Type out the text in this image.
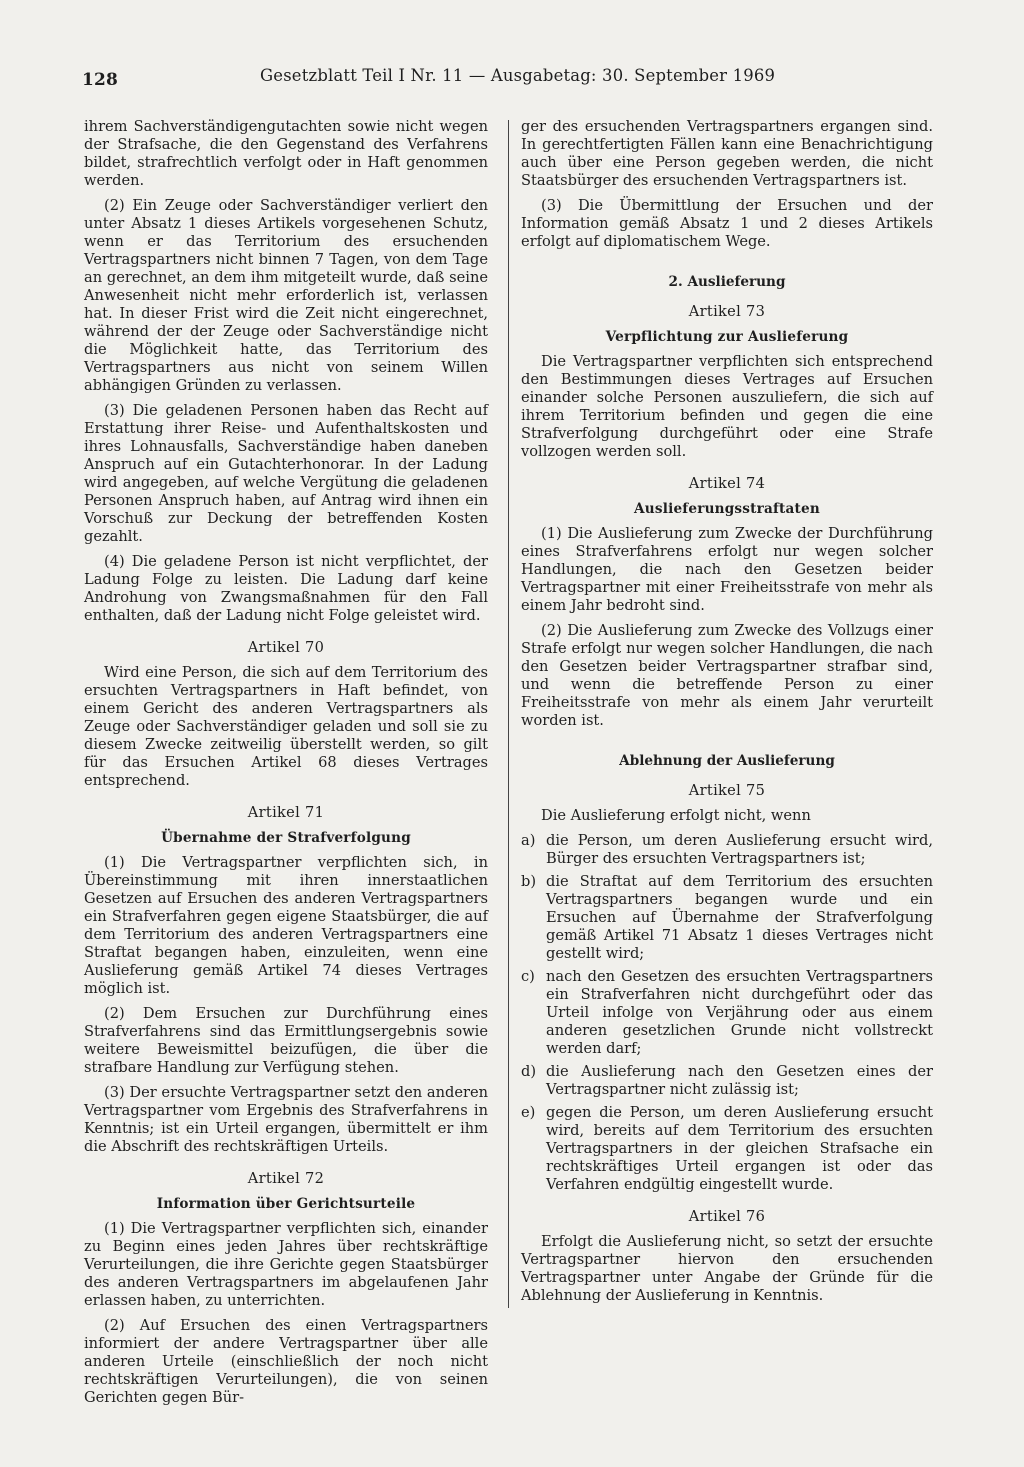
128	Gesetzblatt Teil I Nr. 11 — Ausgabetag: 30. September 1969

ihrem Sachverständigengutachten sowie nicht wegen der Strafsache, die den Gegenstand des Verfahrens bildet, strafrechtlich verfolgt oder in Haft genommen werden.

(2) Ein Zeuge oder Sachverständiger verliert den unter Absatz 1 dieses Artikels vorgesehenen Schutz, wenn er das Territorium des ersuchenden Vertragspartners nicht binnen 7 Tagen, von dem Tage an gerechnet, an dem ihm mitgeteilt wurde, daß seine Anwesenheit nicht mehr erforderlich ist, verlassen hat. In dieser Frist wird die Zeit nicht eingerechnet, während der der Zeuge oder Sachverständige nicht die Möglichkeit hatte, das Territorium des Vertragspartners aus nicht von seinem Willen abhängigen Gründen zu verlassen.

(3) Die geladenen Personen haben das Recht auf Erstattung ihrer Reise- und Aufenthaltskosten und ihres Lohnausfalls, Sachverständige haben daneben Anspruch auf ein Gutachterhonorar. In der Ladung wird angegeben, auf welche Vergütung die geladenen Personen Anspruch haben, auf Antrag wird ihnen ein Vorschuß zur Deckung der betreffenden Kosten gezahlt.

(4) Die geladene Person ist nicht verpflichtet, der Ladung Folge zu leisten. Die Ladung darf keine Androhung von Zwangsmaßnahmen für den Fall enthalten, daß der Ladung nicht Folge geleistet wird.

Artikel 70

Wird eine Person, die sich auf dem Territorium des ersuchten Vertragspartners in Haft befindet, von einem Gericht des anderen Vertragspartners als Zeuge oder Sachverständiger geladen und soll sie zu diesem Zwecke zeitweilig überstellt werden, so gilt für das Ersuchen Artikel 68 dieses Vertrages entsprechend.

Artikel 71
Übernahme der Strafverfolgung

(1) Die Vertragspartner verpflichten sich, in Übereinstimmung mit ihren innerstaatlichen Gesetzen auf Ersuchen des anderen Vertragspartners ein Strafverfahren gegen eigene Staatsbürger, die auf dem Territorium des anderen Vertragspartners eine Straftat begangen haben, einzuleiten, wenn eine Auslieferung gemäß Artikel 74 dieses Vertrages möglich ist.

(2) Dem Ersuchen zur Durchführung eines Strafverfahrens sind das Ermittlungsergebnis sowie weitere Beweismittel beizufügen, die über die strafbare Handlung zur Verfügung stehen.

(3) Der ersuchte Vertragspartner setzt den anderen Vertragspartner vom Ergebnis des Strafverfahrens in Kenntnis; ist ein Urteil ergangen, übermittelt er ihm die Abschrift des rechtskräftigen Urteils.

Artikel 72
Information über Gerichtsurteile

(1) Die Vertragspartner verpflichten sich, einander zu Beginn eines jeden Jahres über rechtskräftige Verurteilungen, die ihre Gerichte gegen Staatsbürger des anderen Vertragspartners im abgelaufenen Jahr erlassen haben, zu unterrichten.

(2) Auf Ersuchen des einen Vertragspartners informiert der andere Vertragspartner über alle anderen Urteile (einschließlich der noch nicht rechtskräftigen Verurteilungen), die von seinen Gerichten gegen Bür-

ger des ersuchenden Vertragspartners ergangen sind. In gerechtfertigten Fällen kann eine Benachrichtigung auch über eine Person gegeben werden, die nicht Staatsbürger des ersuchenden Vertragspartners ist.

(3) Die Übermittlung der Ersuchen und der Information gemäß Absatz 1 und 2 dieses Artikels erfolgt auf diplomatischem Wege.

2. Auslieferung
Artikel 73
Verpflichtung zur Auslieferung

Die Vertragspartner verpflichten sich entsprechend den Bestimmungen dieses Vertrages auf Ersuchen einander solche Personen auszuliefern, die sich auf ihrem Territorium befinden und gegen die eine Strafverfolgung durchgeführt oder eine Strafe vollzogen werden soll.

Artikel 74
Auslieferungsstraftaten

(1) Die Auslieferung zum Zwecke der Durchführung eines Strafverfahrens erfolgt nur wegen solcher Handlungen, die nach den Gesetzen beider Vertragspartner mit einer Freiheitsstrafe von mehr als einem Jahr bedroht sind.

(2) Die Auslieferung zum Zwecke des Vollzugs einer Strafe erfolgt nur wegen solcher Handlungen, die nach den Gesetzen beider Vertragspartner strafbar sind, und wenn die betreffende Person zu einer Freiheitsstrafe von mehr als einem Jahr verurteilt worden ist.

Ablehnung der Auslieferung
Artikel 75

Die Auslieferung erfolgt nicht, wenn

a) die Person, um deren Auslieferung ersucht wird, Bürger des ersuchten Vertragspartners ist;
b) die Straftat auf dem Territorium des ersuchten Vertragspartners begangen wurde und ein Ersuchen auf Übernahme der Strafverfolgung gemäß Artikel 71 Absatz 1 dieses Vertrages nicht gestellt wird;
c) nach den Gesetzen des ersuchten Vertragspartners ein Strafverfahren nicht durchgeführt oder das Urteil infolge von Verjährung oder aus einem anderen gesetzlichen Grunde nicht vollstreckt werden darf;
d) die Auslieferung nach den Gesetzen eines der Vertragspartner nicht zulässig ist;
e) gegen die Person, um deren Auslieferung ersucht wird, bereits auf dem Territorium des ersuchten Vertragspartners in der gleichen Strafsache ein rechtskräftiges Urteil ergangen ist oder das Verfahren endgültig eingestellt wurde.
Artikel 76

Erfolgt die Auslieferung nicht, so setzt der ersuchte Vertragspartner hiervon den ersuchenden Vertragspartner unter Angabe der Gründe für die Ablehnung der Auslieferung in Kenntnis.
